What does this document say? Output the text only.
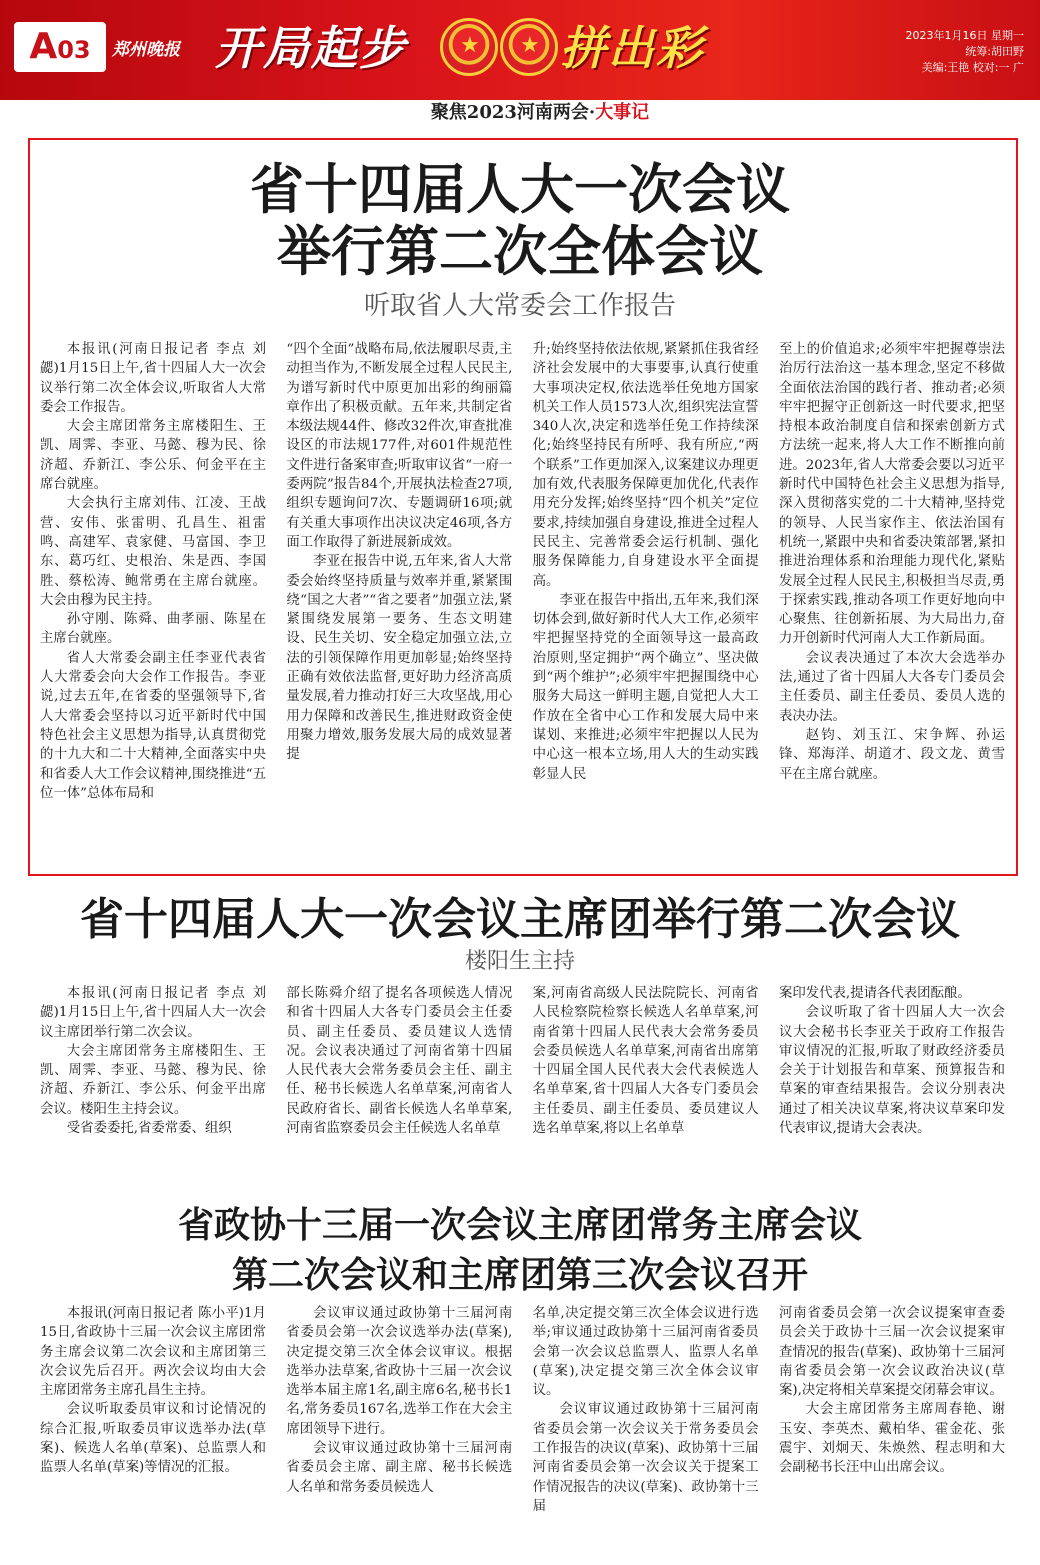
A03	郑州晚报 开局起步 ★ ★ 拼出彩	2023年1月16日 星期一
统筹:胡田野
美编:王艳 校对:一 广
聚焦2023河南两会·大事记
省十四届人大一次会议
举行第二次全体会议
听取省人大常委会工作报告

本报讯(河南日报记者 李点 刘勰)1月15日上午,省十四届人大一次会议举行第二次全体会议,听取省人大常委会工作报告。

大会主席团常务主席楼阳生、王凯、周霁、李亚、马懿、穆为民、徐济超、乔新江、李公乐、何金平在主席台就座。

大会执行主席刘伟、江凌、王战营、安伟、张雷明、孔昌生、祖雷鸣、高建军、袁家健、马富国、李卫东、葛巧红、史根治、朱是西、李国胜、蔡松涛、鲍常勇在主席台就座。大会由穆为民主持。

孙守刚、陈舜、曲孝丽、陈星在主席台就座。

省人大常委会副主任李亚代表省人大常委会向大会作工作报告。李亚说,过去五年,在省委的坚强领导下,省人大常委会坚持以习近平新时代中国特色社会主义思想为指导,认真贯彻党的十九大和二十大精神,全面落实中央和省委人大工作会议精神,围绕推进“五位一体”总体布局和

“四个全面”战略布局,依法履职尽责,主动担当作为,不断发展全过程人民民主,为谱写新时代中原更加出彩的绚丽篇章作出了积极贡献。五年来,共制定省本级法规44件、修改32件次,审查批准设区的市法规177件,对601件规范性文件进行备案审查;听取审议省“一府一委两院”报告84个,开展执法检查27项,组织专题询问7次、专题调研16项;就有关重大事项作出决议决定46项,各方面工作取得了新进展新成效。

李亚在报告中说,五年来,省人大常委会始终坚持质量与效率并重,紧紧围绕“国之大者”“省之要者”加强立法,紧紧围绕发展第一要务、生态文明建设、民生关切、安全稳定加强立法,立法的引领保障作用更加彰显;始终坚持正确有效依法监督,更好助力经济高质量发展,着力推动打好三大攻坚战,用心用力保障和改善民生,推进财政资金使用聚力增效,服务发展大局的成效显著提

升;始终坚持依法依规,紧紧抓住我省经济社会发展中的大事要事,认真行使重大事项决定权,依法选举任免地方国家机关工作人员1573人次,组织宪法宣誓340人次,决定和选举任免工作持续深化;始终坚持民有所呼、我有所应,“两个联系”工作更加深入,议案建议办理更加有效,代表服务保障更加优化,代表作用充分发挥;始终坚持“四个机关”定位要求,持续加强自身建设,推进全过程人民民主、完善常委会运行机制、强化服务保障能力,自身建设水平全面提高。

李亚在报告中指出,五年来,我们深切体会到,做好新时代人大工作,必须牢牢把握坚持党的全面领导这一最高政治原则,坚定拥护“两个确立”、坚决做到“两个维护”;必须牢牢把握围绕中心服务大局这一鲜明主题,自觉把人大工作放在全省中心工作和发展大局中来谋划、来推进;必须牢牢把握以人民为中心这一根本立场,用人大的生动实践彰显人民

至上的价值追求;必须牢牢把握尊崇法治厉行法治这一基本理念,坚定不移做全面依法治国的践行者、推动者;必须牢牢把握守正创新这一时代要求,把坚持根本政治制度自信和探索创新方式方法统一起来,将人大工作不断推向前进。2023年,省人大常委会要以习近平新时代中国特色社会主义思想为指导,深入贯彻落实党的二十大精神,坚持党的领导、人民当家作主、依法治国有机统一,紧跟中央和省委决策部署,紧扣推进治理体系和治理能力现代化,紧贴发展全过程人民民主,积极担当尽责,勇于探索实践,推动各项工作更好地向中心聚焦、往创新拓展、为大局出力,奋力开创新时代河南人大工作新局面。

会议表决通过了本次大会选举办法,通过了省十四届人大各专门委员会主任委员、副主任委员、委员人选的表决办法。

赵钧、刘玉江、宋争辉、孙运锋、郑海洋、胡道才、段文龙、黄雪平在主席台就座。

省十四届人大一次会议主席团举行第二次会议
楼阳生主持

本报讯(河南日报记者 李点 刘勰)1月15日上午,省十四届人大一次会议主席团举行第二次会议。

大会主席团常务主席楼阳生、王凯、周霁、李亚、马懿、穆为民、徐济超、乔新江、李公乐、何金平出席会议。楼阳生主持会议。

受省委委托,省委常委、组织

部长陈舜介绍了提名各项候选人情况和省十四届人大各专门委员会主任委员、副主任委员、委员建议人选情况。会议表决通过了河南省第十四届人民代表大会常务委员会主任、副主任、秘书长候选人名单草案,河南省人民政府省长、副省长候选人名单草案,河南省监察委员会主任候选人名单草

案,河南省高级人民法院院长、河南省人民检察院检察长候选人名单草案,河南省第十四届人民代表大会常务委员会委员候选人名单草案,河南省出席第十四届全国人民代表大会代表候选人名单草案,省十四届人大各专门委员会主任委员、副主任委员、委员建议人选名单草案,将以上名单草

案印发代表,提请各代表团酝酿。

会议听取了省十四届人大一次会议大会秘书长李亚关于政府工作报告审议情况的汇报,听取了财政经济委员会关于计划报告和草案、预算报告和草案的审查结果报告。会议分别表决通过了相关决议草案,将决议草案印发代表审议,提请大会表决。

省政协十三届一次会议主席团常务主席会议
第二次会议和主席团第三次会议召开

本报讯(河南日报记者 陈小平)1月15日,省政协十三届一次会议主席团常务主席会议第二次会议和主席团第三次会议先后召开。两次会议均由大会主席团常务主席孔昌生主持。

会议听取委员审议和讨论情况的综合汇报,听取委员审议选举办法(草案)、候选人名单(草案)、总监票人和监票人名单(草案)等情况的汇报。

会议审议通过政协第十三届河南省委员会第一次会议选举办法(草案),决定提交第三次全体会议审议。根据选举办法草案,省政协十三届一次会议选举本届主席1名,副主席6名,秘书长1名,常务委员167名,选举工作在大会主席团领导下进行。

会议审议通过政协第十三届河南省委员会主席、副主席、秘书长候选人名单和常务委员候选人

名单,决定提交第三次全体会议进行选举;审议通过政协第十三届河南省委员会第一次会议总监票人、监票人名单(草案),决定提交第三次全体会议审议。

会议审议通过政协第十三届河南省委员会第一次会议关于常务委员会工作报告的决议(草案)、政协第十三届河南省委员会第一次会议关于提案工作情况报告的决议(草案)、政协第十三届

河南省委员会第一次会议提案审查委员会关于政协十三届一次会议提案审查情况的报告(草案)、政协第十三届河南省委员会第一次会议政治决议(草案),决定将相关草案提交闭幕会审议。

大会主席团常务主席周春艳、谢玉安、李英杰、戴柏华、霍金花、张震宇、刘炯天、朱焕然、程志明和大会副秘书长汪中山出席会议。
